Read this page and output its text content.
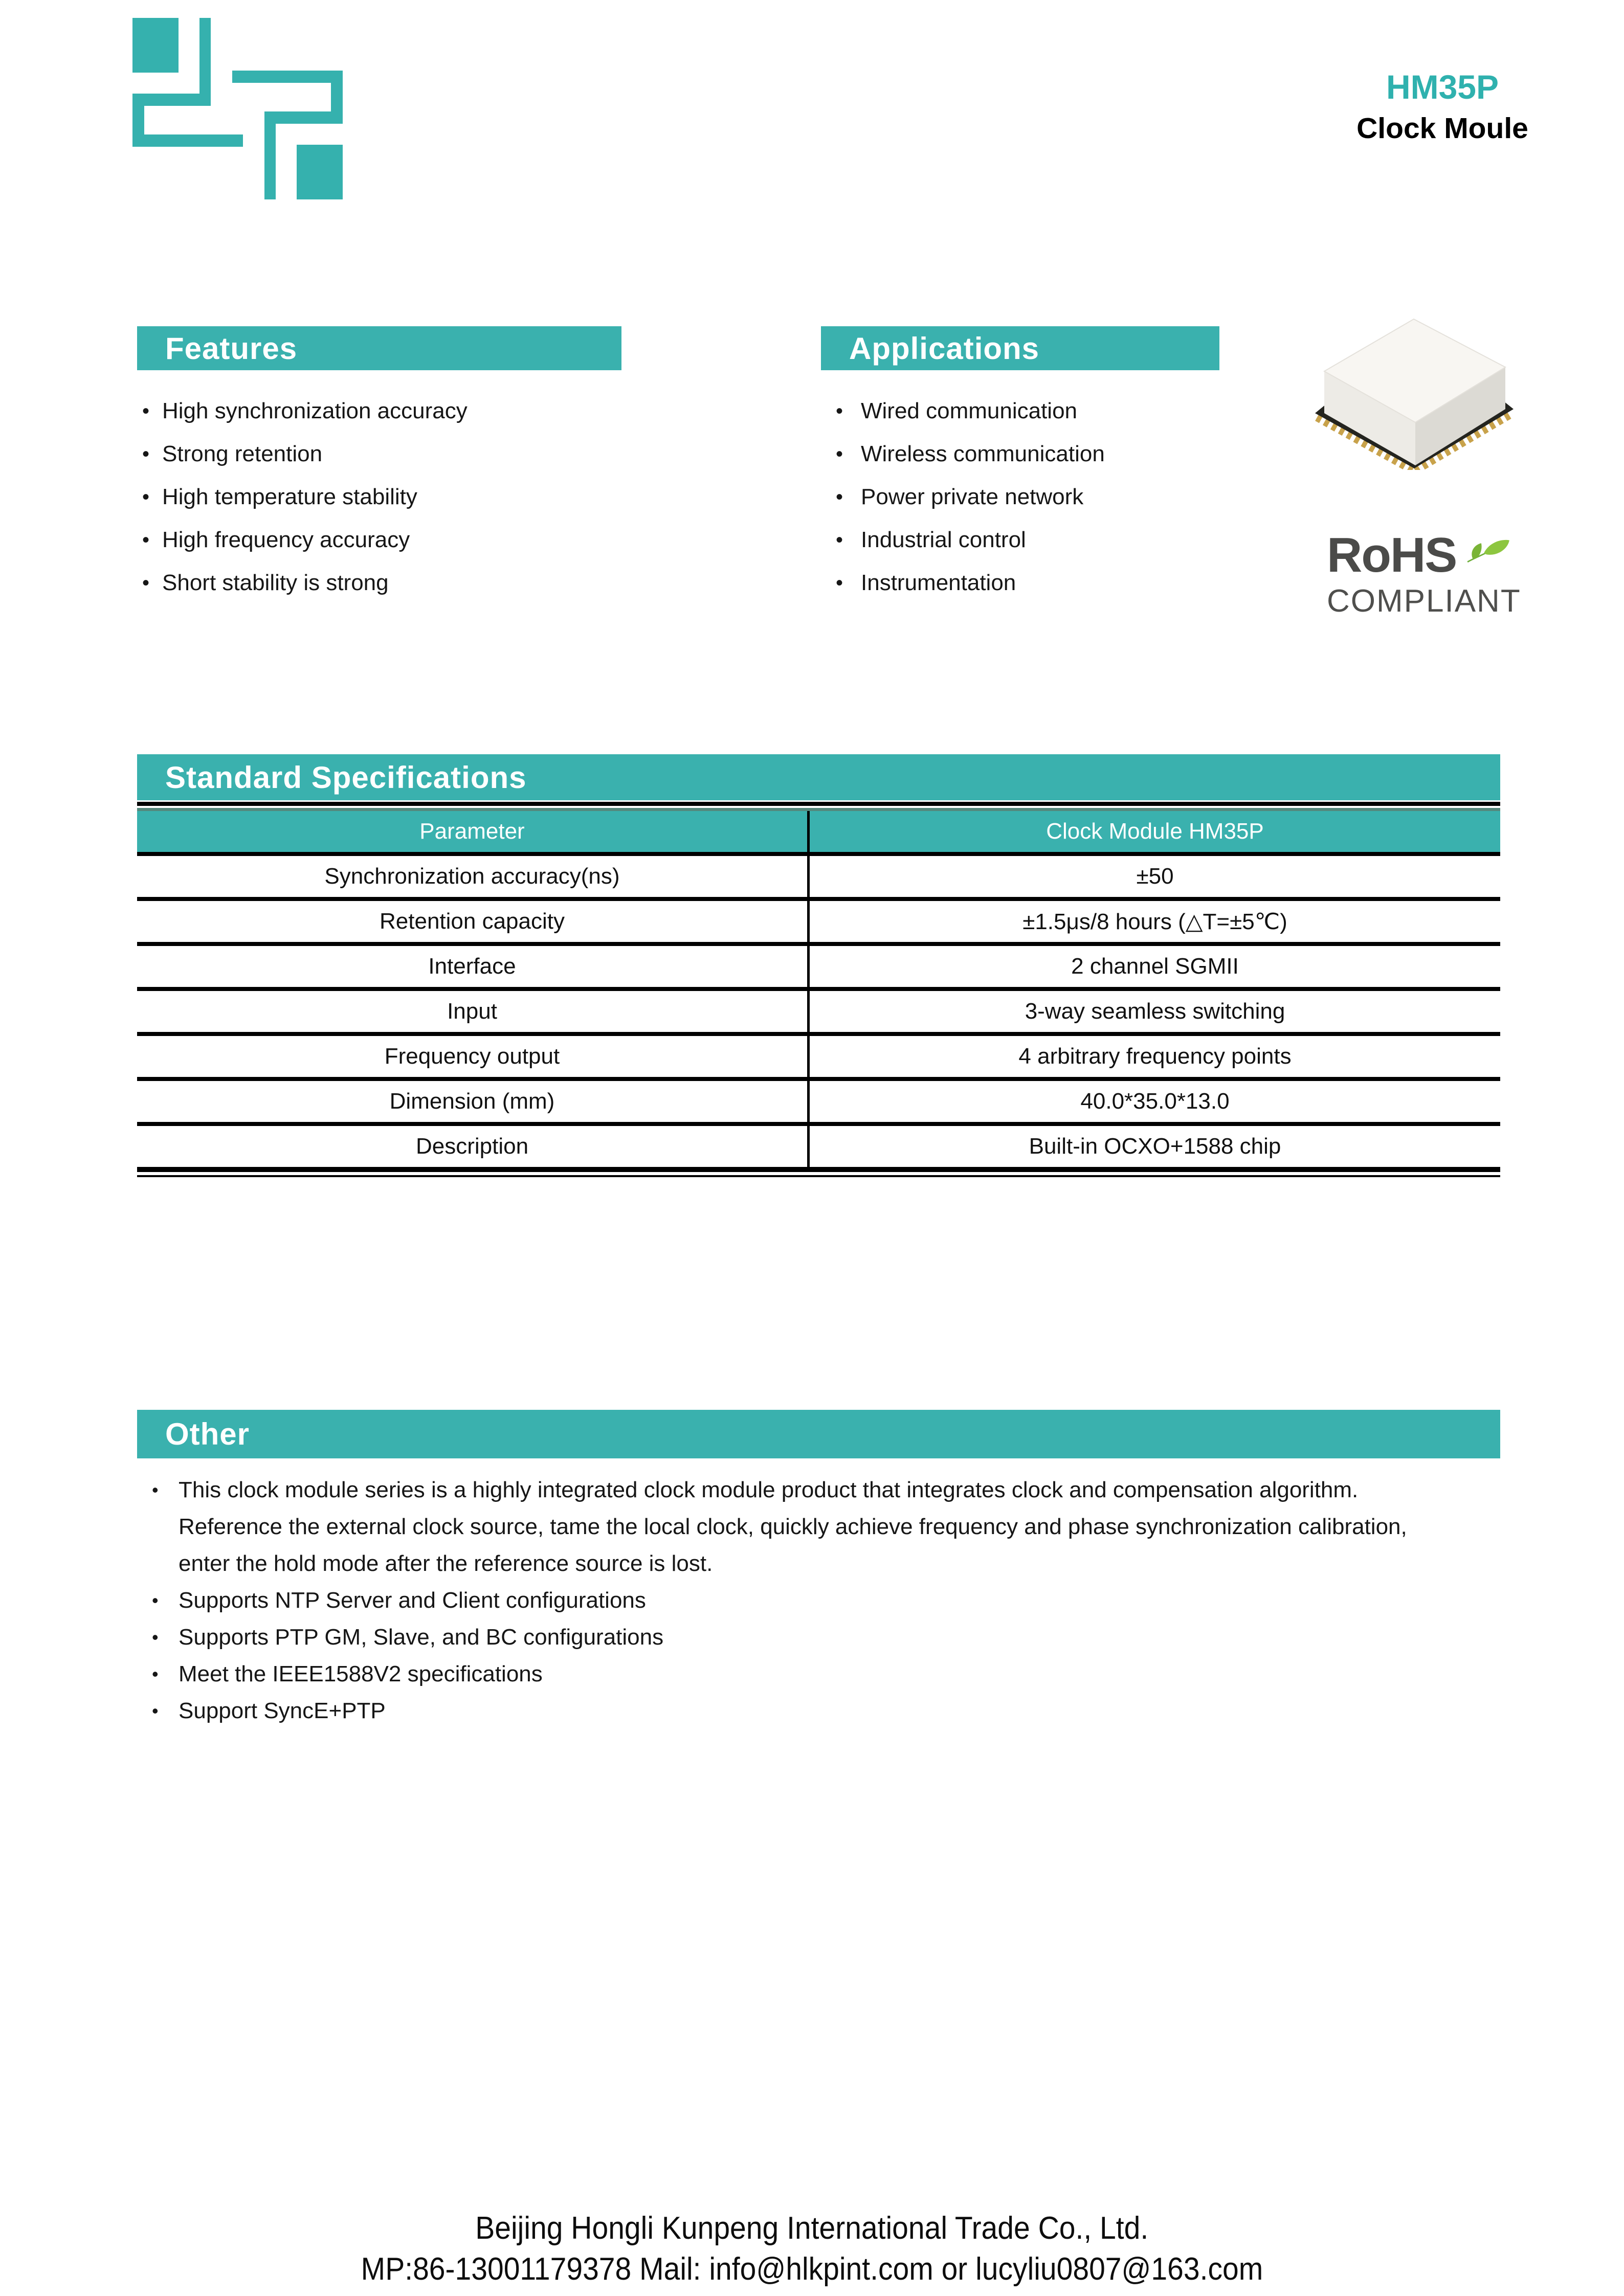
HM35P
Clock Moule
Features
• High synchronization accuracy
• Strong retention
• High temperature stability
• High frequency accuracy
• Short stability is strong
Applications
• Wired communication
• Wireless communication
• Power private network
• Industrial control
• Instrumentation
RoHS
COMPLIANT
Standard Specifications
Parameter	Clock Module HM35P
Synchronization accuracy(ns)	±50
Retention capacity	±1.5μs/8 hours (△T=±5℃)
Interface	2 channel SGMII
Input	3-way seamless switching
Frequency output	4 arbitrary frequency points
Dimension (mm)	40.0*35.0*13.0
Description	Built-in OCXO+1588 chip
Other
• This clock module series is a highly integrated clock module product that integrates clock and compensation algorithm. Reference the external clock source, tame the local clock, quickly achieve frequency and phase synchronization calibration, enter the hold mode after the reference source is lost.
• Supports NTP Server and Client configurations
• Supports PTP GM, Slave, and BC configurations
• Meet the IEEE1588V2 specifications
• Support SyncE+PTP
Beijing Hongli Kunpeng International Trade Co., Ltd.
MP:86-13001179378 Mail: info@hlkpint.com or lucyliu0807@163.com
